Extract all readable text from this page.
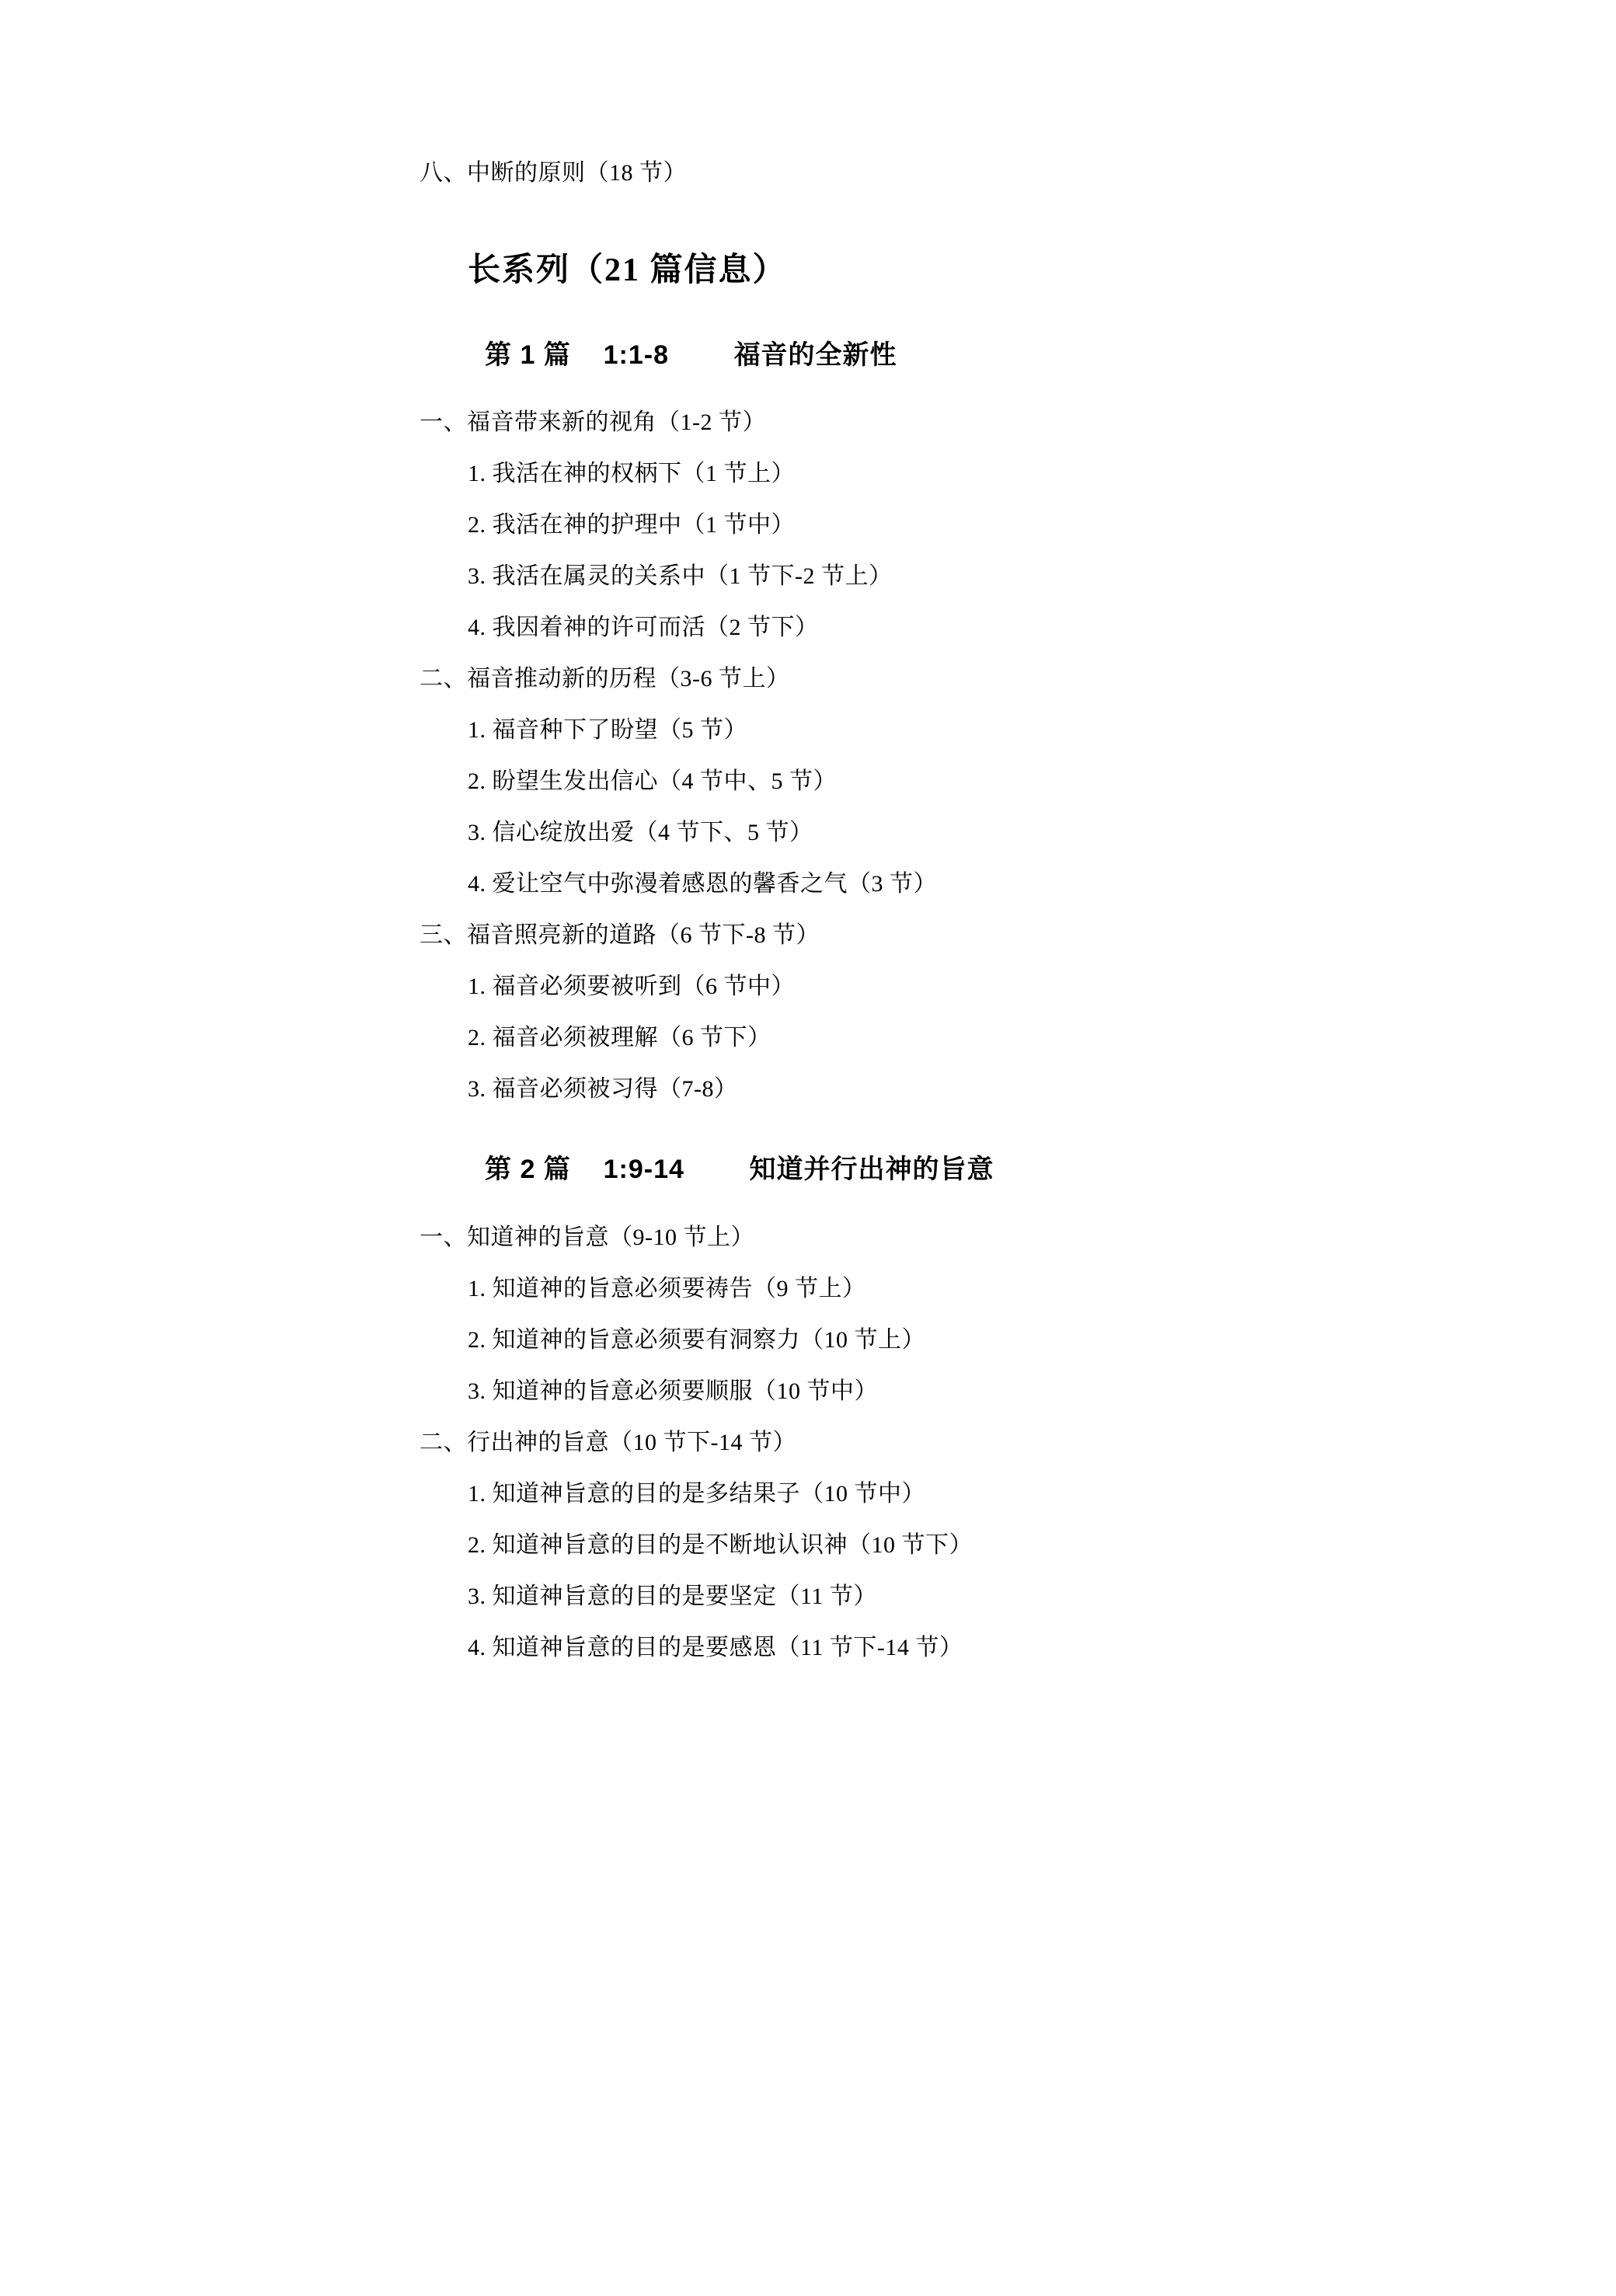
八、中断的原则（18 节）

长系列（21 篇信息）
第 1 篇 1:1-8 福音的全新性

一、福音带来新的视角（1-2 节）

1. 我活在神的权柄下（1 节上）

2. 我活在神的护理中（1 节中）

3. 我活在属灵的关系中（1 节下-2 节上）

4. 我因着神的许可而活（2 节下）

二、福音推动新的历程（3-6 节上）

1. 福音种下了盼望（5 节）

2. 盼望生发出信心（4 节中、5 节）

3. 信心绽放出爱（4 节下、5 节）

4. 爱让空气中弥漫着感恩的馨香之气（3 节）

三、福音照亮新的道路（6 节下-8 节）

1. 福音必须要被听到（6 节中）

2. 福音必须被理解（6 节下）

3. 福音必须被习得（7-8）

第 2 篇 1:9-14 知道并行出神的旨意

一、知道神的旨意（9-10 节上）

1. 知道神的旨意必须要祷告（9 节上）

2. 知道神的旨意必须要有洞察力（10 节上）

3. 知道神的旨意必须要顺服（10 节中）

二、行出神的旨意（10 节下-14 节）

1. 知道神旨意的目的是多结果子（10 节中）

2. 知道神旨意的目的是不断地认识神（10 节下）

3. 知道神旨意的目的是要坚定（11 节）

4. 知道神旨意的目的是要感恩（11 节下-14 节）
